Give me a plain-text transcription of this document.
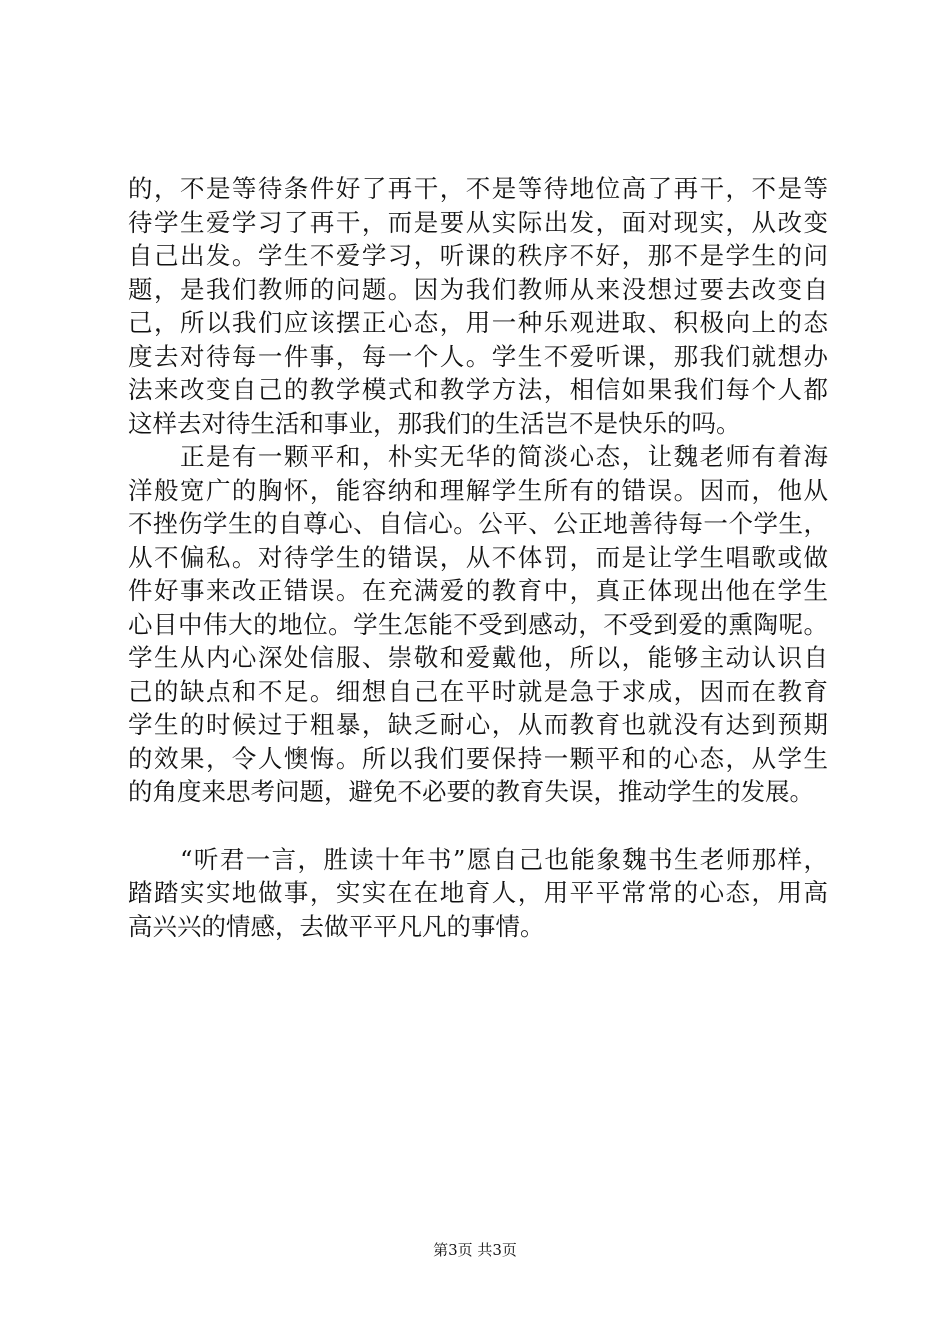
的，不是等待条件好了再干，不是等待地位高了再干，不是等
待学生爱学习了再干，而是要从实际出发，面对现实，从改变
自己出发。学生不爱学习，听课的秩序不好，那不是学生的问
题，是我们教师的问题。因为我们教师从来没想过要去改变自
己，所以我们应该摆正心态，用一种乐观进取、积极向上的态
度去对待每一件事，每一个人。学生不爱听课，那我们就想办
法来改变自己的教学模式和教学方法，相信如果我们每个人都
这样去对待生活和事业，那我们的生活岂不是快乐的吗。
正是有一颗平和，朴实无华的简淡心态，让魏老师有着海
洋般宽广的胸怀，能容纳和理解学生所有的错误。因而，他从
不挫伤学生的自尊心、自信心。公平、公正地善待每一个学生，
从不偏私。对待学生的错误，从不体罚，而是让学生唱歌或做
件好事来改正错误。在充满爱的教育中，真正体现出他在学生
心目中伟大的地位。学生怎能不受到感动，不受到爱的熏陶呢。
学生从内心深处信服、崇敬和爱戴他，所以，能够主动认识自
己的缺点和不足。细想自己在平时就是急于求成，因而在教育
学生的时候过于粗暴，缺乏耐心，从而教育也就没有达到预期
的效果，令人懊悔。所以我们要保持一颗平和的心态，从学生
的角度来思考问题，避免不必要的教育失误，推动学生的发展。
“听君一言，胜读十年书”愿自己也能象魏书生老师那样，
踏踏实实地做事，实实在在地育人，用平平常常的心态，用高
高兴兴的情感，去做平平凡凡的事情。
第3页 共3页
